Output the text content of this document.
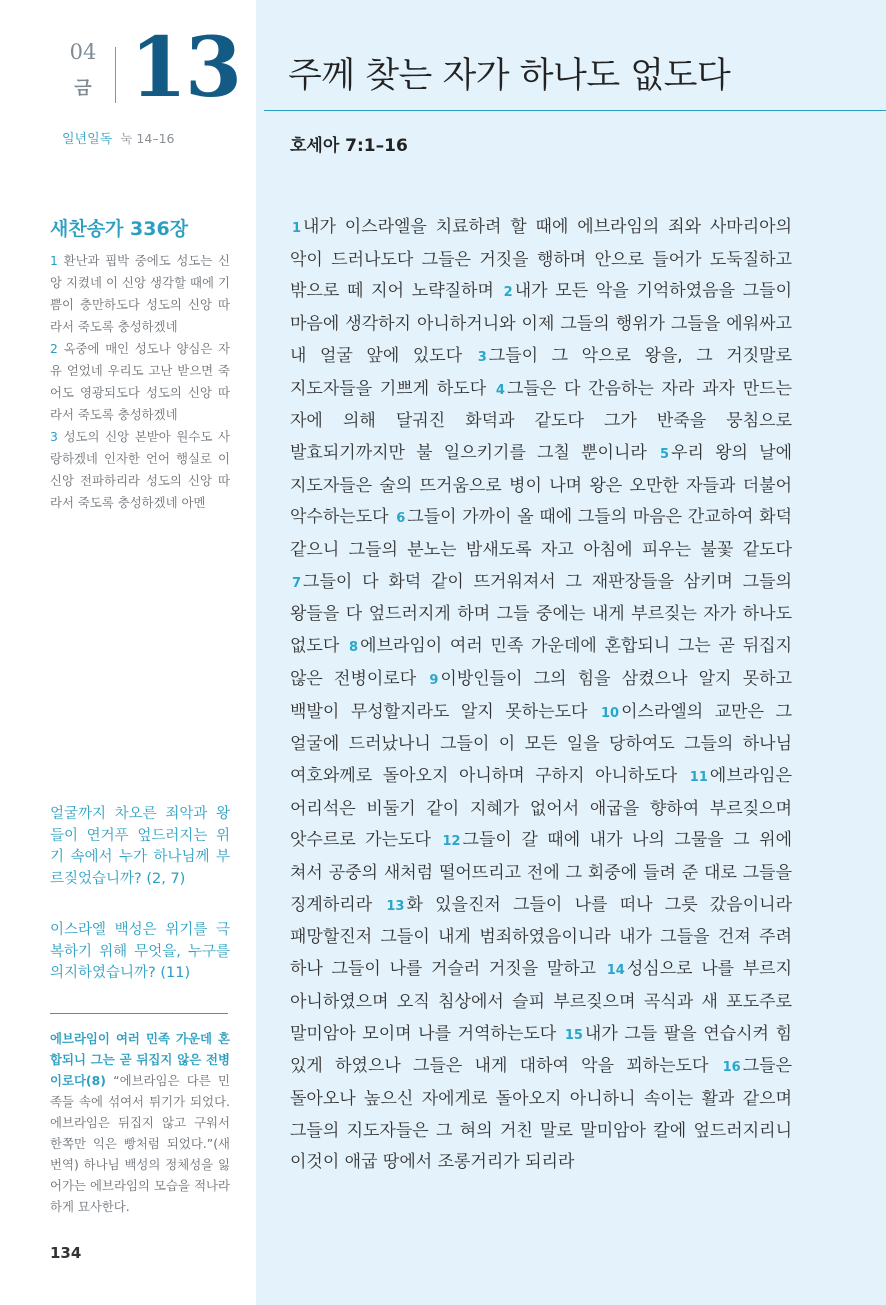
04
금 13
일년일독 눅 14–16
새찬송가 336장
1 환난과 핍박 중에도 성도는 신앙 지켰네 이 신앙 생각할 때에 기쁨이 충만하도다 성도의 신앙 따라서 죽도록 충성하겠네
2 옥중에 매인 성도나 양심은 자유 얻었네 우리도 고난 받으면 죽어도 영광되도다 성도의 신앙 따라서 죽도록 충성하겠네
3 성도의 신앙 본받아 원수도 사랑하겠네 인자한 언어 행실로 이 신앙 전파하리라 성도의 신앙 따라서 죽도록 충성하겠네 아멘
얼굴까지 차오른 죄악과 왕들이 연거푸 엎드러지는 위기 속에서 누가 하나님께 부르짖었습니까? (2, 7)
이스라엘 백성은 위기를 극복하기 위해 무엇을, 누구를 의지하였습니까? (11)
에브라임이 여러 민족 가운데 혼합되니 그는 곧 뒤집지 않은 전병이로다(8) “에브라임은 다른 민족들 속에 섞여서 튀기가 되었다. 에브라임은 뒤집지 않고 구워서 한쪽만 익은 빵처럼 되었다.”(새번역) 하나님 백성의 정체성을 잃어가는 에브라임의 모습을 적나라하게 묘사한다.
134
주께 찾는 자가 하나도 없도다
호세아 7:1–16
1 내가 이스라엘을 치료하려 할 때에 에브라임의 죄와 사마리아의 악이 드러나도다 그들은 거짓을 행하며 안으로 들어가 도둑질하고 밖으로 떼 지어 노략질하며 2 내가 모든 악을 기억하였음을 그들이 마음에 생각하지 아니하거니와 이제 그들의 행위가 그들을 에워싸고 내 얼굴 앞에 있도다 3 그들이 그 악으로 왕을, 그 거짓말로 지도자들을 기쁘게 하도다 4 그들은 다 간음하는 자라 과자 만드는 자에 의해 달궈진 화덕과 같도다 그가 반죽을 뭉침으로 발효되기까지만 불 일으키기를 그칠 뿐이니라 5 우리 왕의 날에 지도자들은 술의 뜨거움으로 병이 나며 왕은 오만한 자들과 더불어 악수하는도다 6 그들이 가까이 올 때에 그들의 마음은 간교하여 화덕 같으니 그들의 분노는 밤새도록 자고 아침에 피우는 불꽃 같도다 7 그들이 다 화덕 같이 뜨거워져서 그 재판장들을 삼키며 그들의 왕들을 다 엎드러지게 하며 그들 중에는 내게 부르짖는 자가 하나도 없도다 8 에브라임이 여러 민족 가운데에 혼합되니 그는 곧 뒤집지 않은 전병이로다 9 이방인들이 그의 힘을 삼켰으나 알지 못하고 백발이 무성할지라도 알지 못하는도다 10 이스라엘의 교만은 그 얼굴에 드러났나니 그들이 이 모든 일을 당하여도 그들의 하나님 여호와께로 돌아오지 아니하며 구하지 아니하도다 11 에브라임은 어리석은 비둘기 같이 지혜가 없어서 애굽을 향하여 부르짖으며 앗수르로 가는도다 12 그들이 갈 때에 내가 나의 그물을 그 위에 쳐서 공중의 새처럼 떨어뜨리고 전에 그 회중에 들려 준 대로 그들을 징계하리라 13 화 있을진저 그들이 나를 떠나 그릇 갔음이니라 패망할진저 그들이 내게 범죄하였음이니라 내가 그들을 건져 주려 하나 그들이 나를 거슬러 거짓을 말하고 14 성심으로 나를 부르지 아니하였으며 오직 침상에서 슬피 부르짖으며 곡식과 새 포도주로 말미암아 모이며 나를 거역하는도다 15 내가 그들 팔을 연습시켜 힘 있게 하였으나 그들은 내게 대하여 악을 꾀하는도다 16 그들은 돌아오나 높으신 자에게로 돌아오지 아니하니 속이는 활과 같으며 그들의 지도자들은 그 혀의 거친 말로 말미암아 칼에 엎드러지리니 이것이 애굽 땅에서 조롱거리가 되리라
